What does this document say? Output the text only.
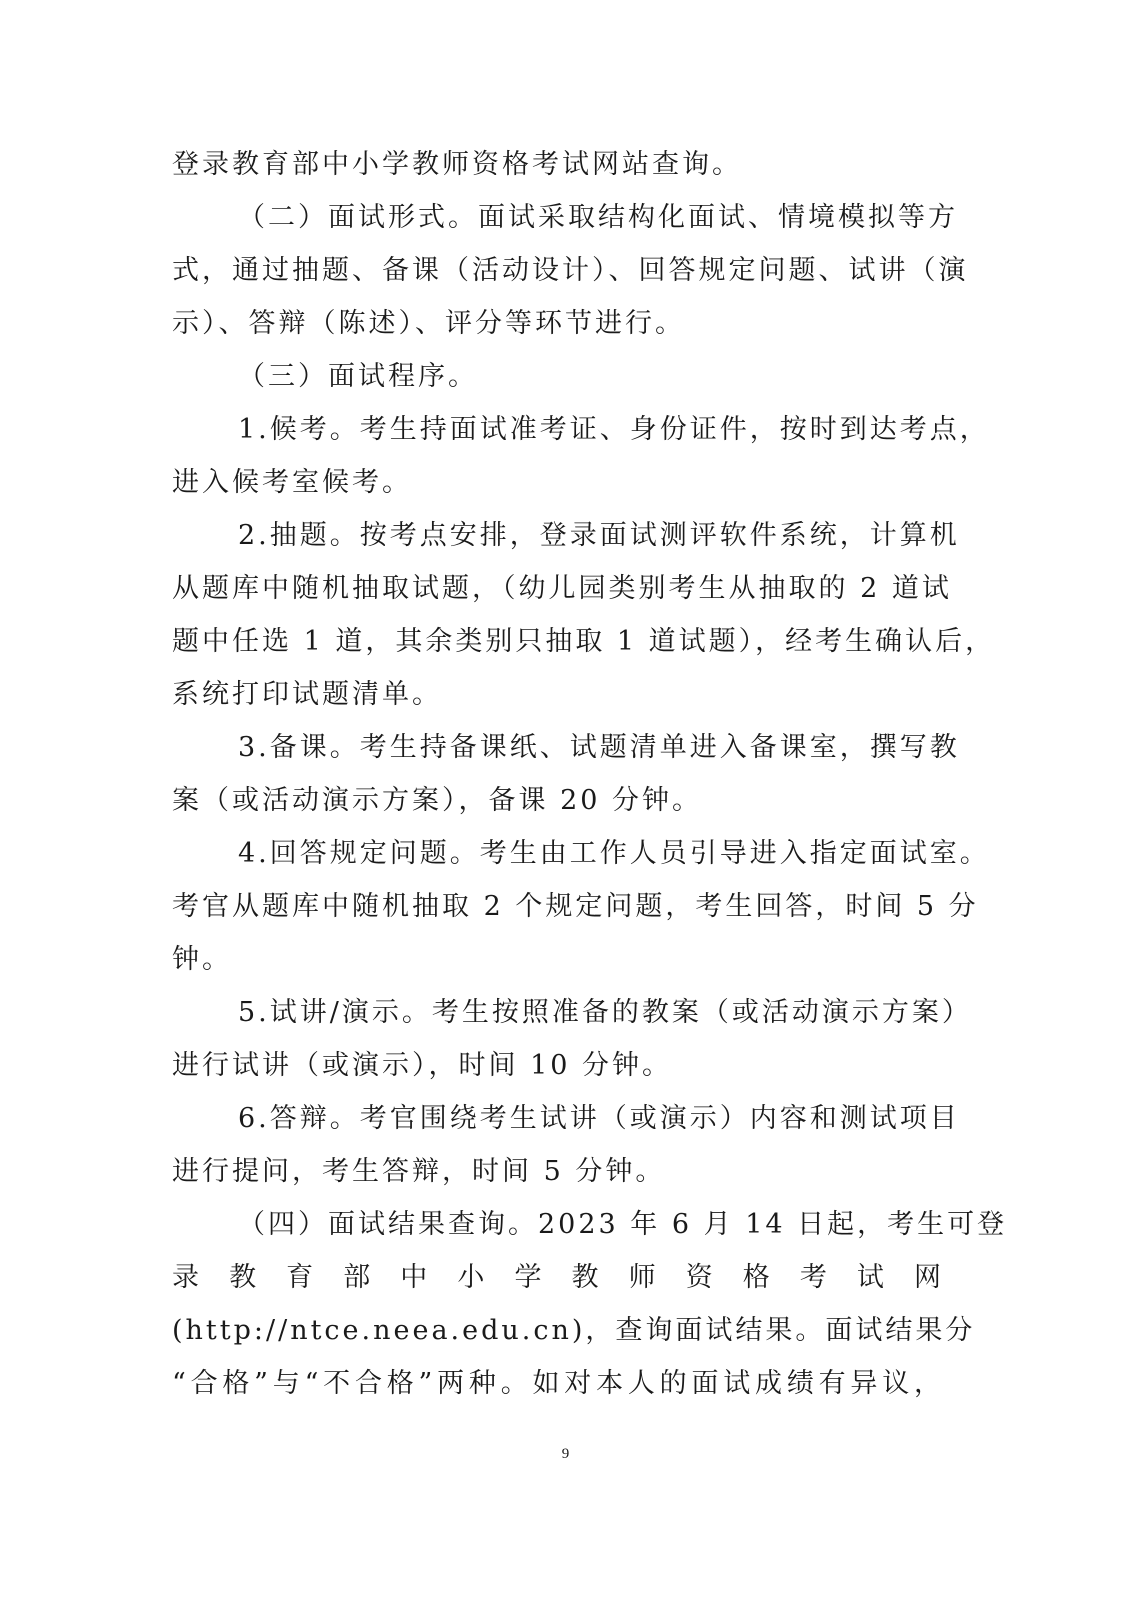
登录教育部中小学教师资格考试网站查询。
（二）面试形式。面试采取结构化面试、情境模拟等方
式，通过抽题、备课（活动设计）、回答规定问题、试讲（演
示）、答辩（陈述）、评分等环节进行。
（三）面试程序。
1.候考。考生持面试准考证、身份证件，按时到达考点，
进入候考室候考。
2.抽题。按考点安排，登录面试测评软件系统，计算机
从题库中随机抽取试题，（幼儿园类别考生从抽取的 2 道试
题中任选 1 道，其余类别只抽取 1 道试题），经考生确认后，
系统打印试题清单。
3.备课。考生持备课纸、试题清单进入备课室，撰写教
案（或活动演示方案），备课 20 分钟。
4.回答规定问题。考生由工作人员引导进入指定面试室。
考官从题库中随机抽取 2 个规定问题，考生回答，时间 5 分
钟。
5.试讲/演示。考生按照准备的教案（或活动演示方案）
进行试讲（或演示），时间 10 分钟。
6.答辩。考官围绕考生试讲（或演示）内容和测试项目
进行提问，考生答辩，时间 5 分钟。
（四）面试结果查询。2023 年 6 月 14 日起，考生可登
录 教 育 部 中 小 学 教 师 资 格 考 试 网
(http://ntce.neea.edu.cn)，查询面试结果。面试结果分
“合格”与“不合格”两种。如对本人的面试成绩有异议，
9
